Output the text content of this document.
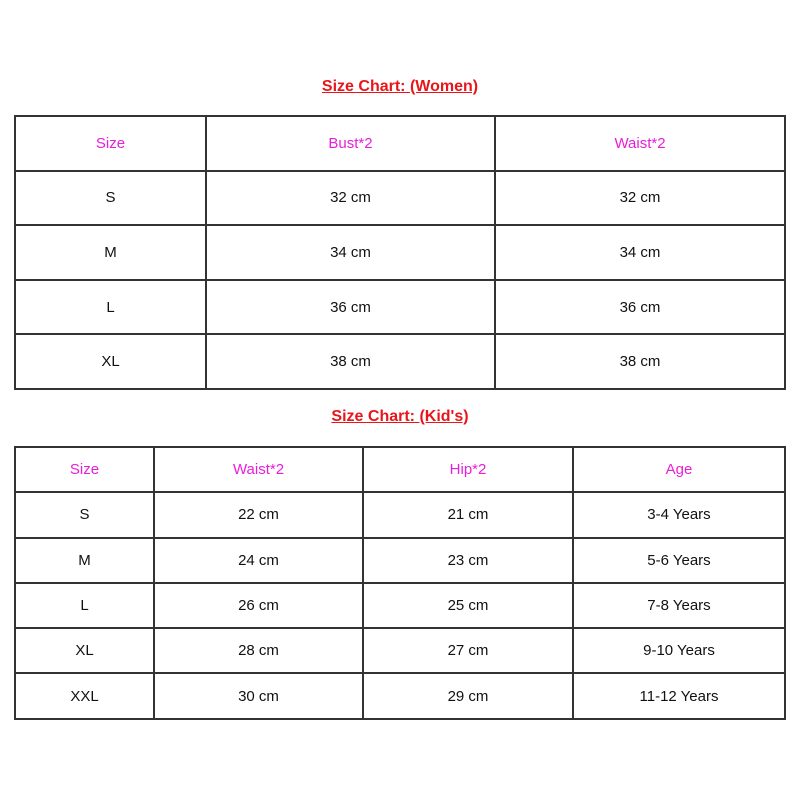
Size Chart: (Women)
Size	Bust*2	Waist*2
S	32 cm	32 cm
M	34 cm	34 cm
L	36 cm	36 cm
XL	38 cm	38 cm
Size Chart: (Kid's)
Size	Waist*2	Hip*2	Age
S	22 cm	21 cm	3-4 Years
M	24 cm	23 cm	5-6 Years
L	26 cm	25 cm	7-8 Years
XL	28 cm	27 cm	9-10 Years
XXL	30 cm	29 cm	11-12 Years
